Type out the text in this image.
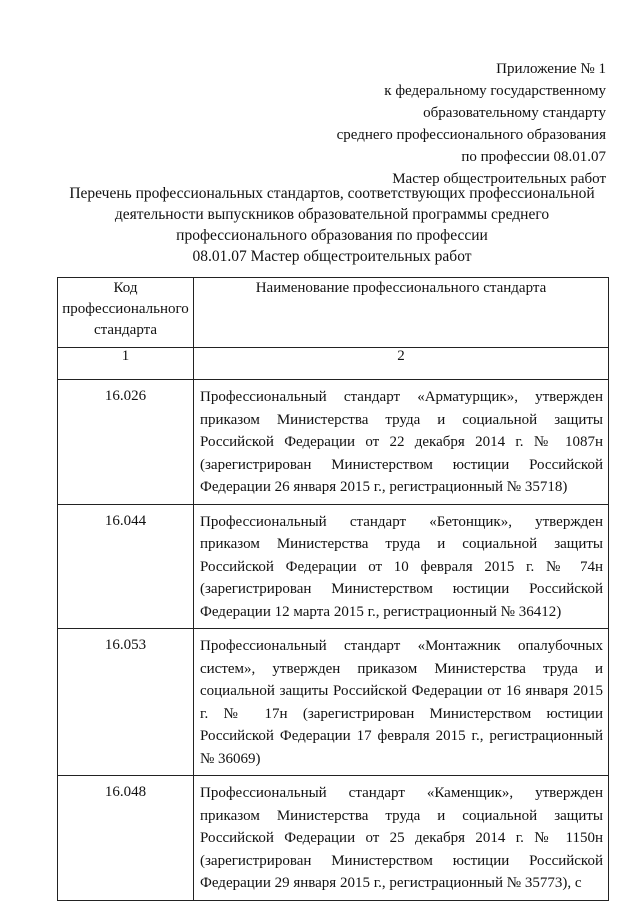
Приложение № 1
к федеральному государственному
образовательному стандарту
среднего профессионального образования
по профессии 08.01.07
Мастер общестроительных работ
Перечень профессиональных стандартов, соответствующих профессиональной
деятельности выпускников образовательной программы среднего
профессионального образования по профессии
08.01.07 Мастер общестроительных работ
Код
профессионального
стандарта	Наименование профессионального стандарта
1	2
16.026	Профессиональный стандарт «Арматурщик», утвержден приказом Министерства труда и социальной защиты Российской Федерации от 22 декабря 2014 г. № 1087н (зарегистрирован Министерством юстиции Российской Федерации 26 января 2015 г., регистрационный № 35718)
16.044	Профессиональный стандарт «Бетонщик», утвержден приказом Министерства труда и социальной защиты Российской Федерации от 10 февраля 2015 г. № 74н (зарегистрирован Министерством юстиции Российской Федерации 12 марта 2015 г., регистрационный № 36412)
16.053	Профессиональный стандарт «Монтажник опалубочных систем», утвержден приказом Министерства труда и социальной защиты Российской Федерации от 16 января 2015 г. № 17н (зарегистрирован Министерством юстиции Российской Федерации 17 февраля 2015 г., регистрационный № 36069)
16.048	Профессиональный стандарт «Каменщик», утвержден приказом Министерства труда и социальной защиты Российской Федерации от 25 декабря 2014 г. № 1150н (зарегистрирован Министерством юстиции Российской Федерации 29 января 2015 г., регистрационный № 35773), с
